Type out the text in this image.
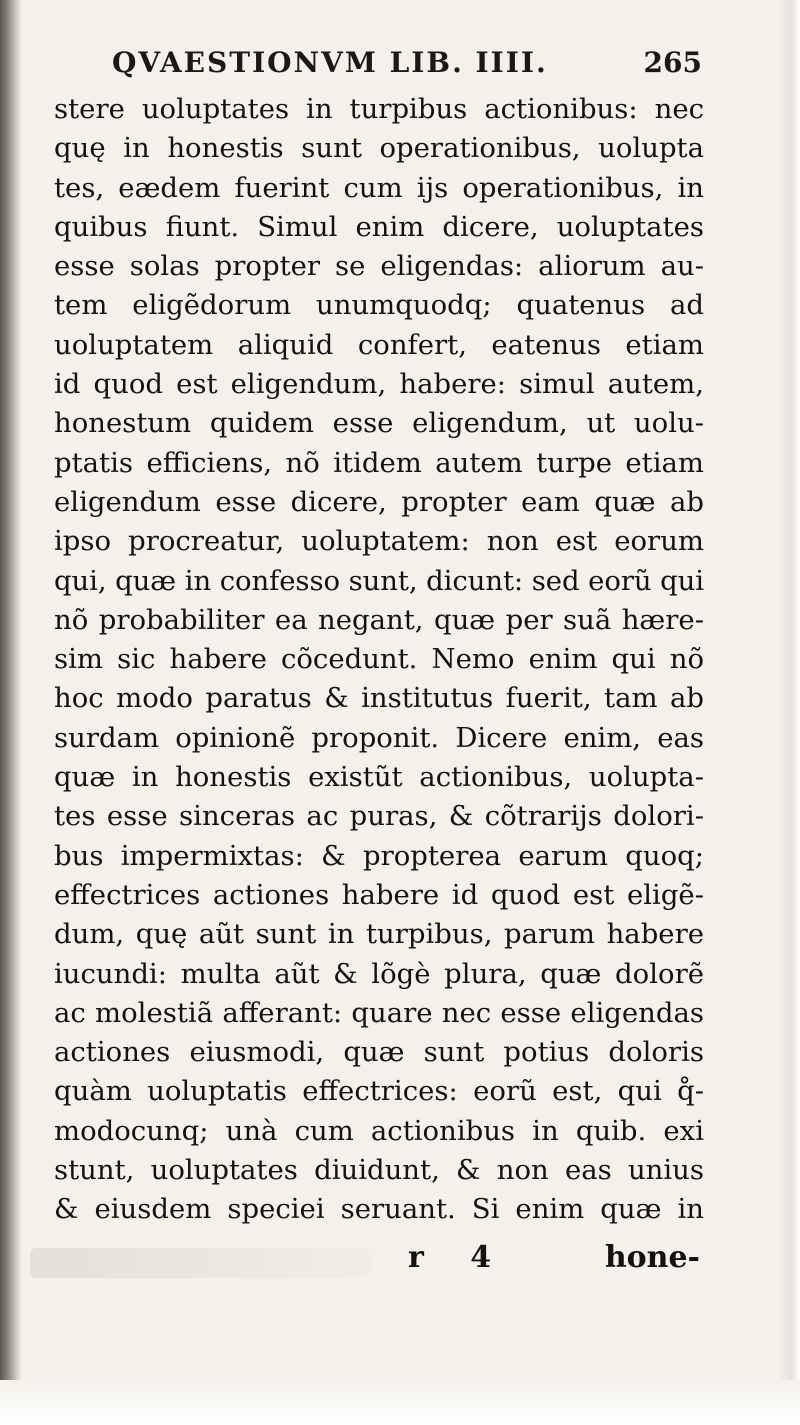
QVAESTIONVM LIB. IIII.	265
stere uoluptates in turpibus actionibus: nec
quę in honestis sunt operationibus, uolupta
tes, eædem fuerint cum ijs operationibus, in
quibus fiunt. Simul enim dicere, uoluptates
esse solas propter se eligendas: aliorum au-
tem eligẽdorum unumquodq; quatenus ad
uoluptatem aliquid confert, eatenus etiam
id quod est eligendum, habere: simul autem,
honestum quidem esse eligendum, ut uolu-
ptatis efficiens, nõ itidem autem turpe etiam
eligendum esse dicere, propter eam quæ ab
ipso procreatur, uoluptatem: non est eorum
qui, quæ in confesso sunt, dicunt: sed eorũ qui
nõ probabiliter ea negant, quæ per suã hære-
sim sic habere cõcedunt. Nemo enim qui nõ
hoc modo paratus & institutus fuerit, tam ab
surdam opinionẽ proponit. Dicere enim, eas
quæ in honestis existũt actionibus, uolupta-
tes esse sinceras ac puras, & cõtrarijs dolori-
bus impermixtas: & propterea earum quoq;
effectrices actiones habere id quod est eligẽ-
dum, quę aũt sunt in turpibus, parum habere
iucundi: multa aũt & lõgè plura, quæ dolorẽ
ac molestiã afferant: quare nec esse eligendas
actiones eiusmodi, quæ sunt potius doloris
quàm uoluptatis effectrices: eorũ est, qui q̊-
modocunq; unà cum actionibus in quib. exi
stunt, uoluptates diuidunt, & non eas unius
& eiusdem speciei seruant. Si enim quæ in
r 4	hone-
